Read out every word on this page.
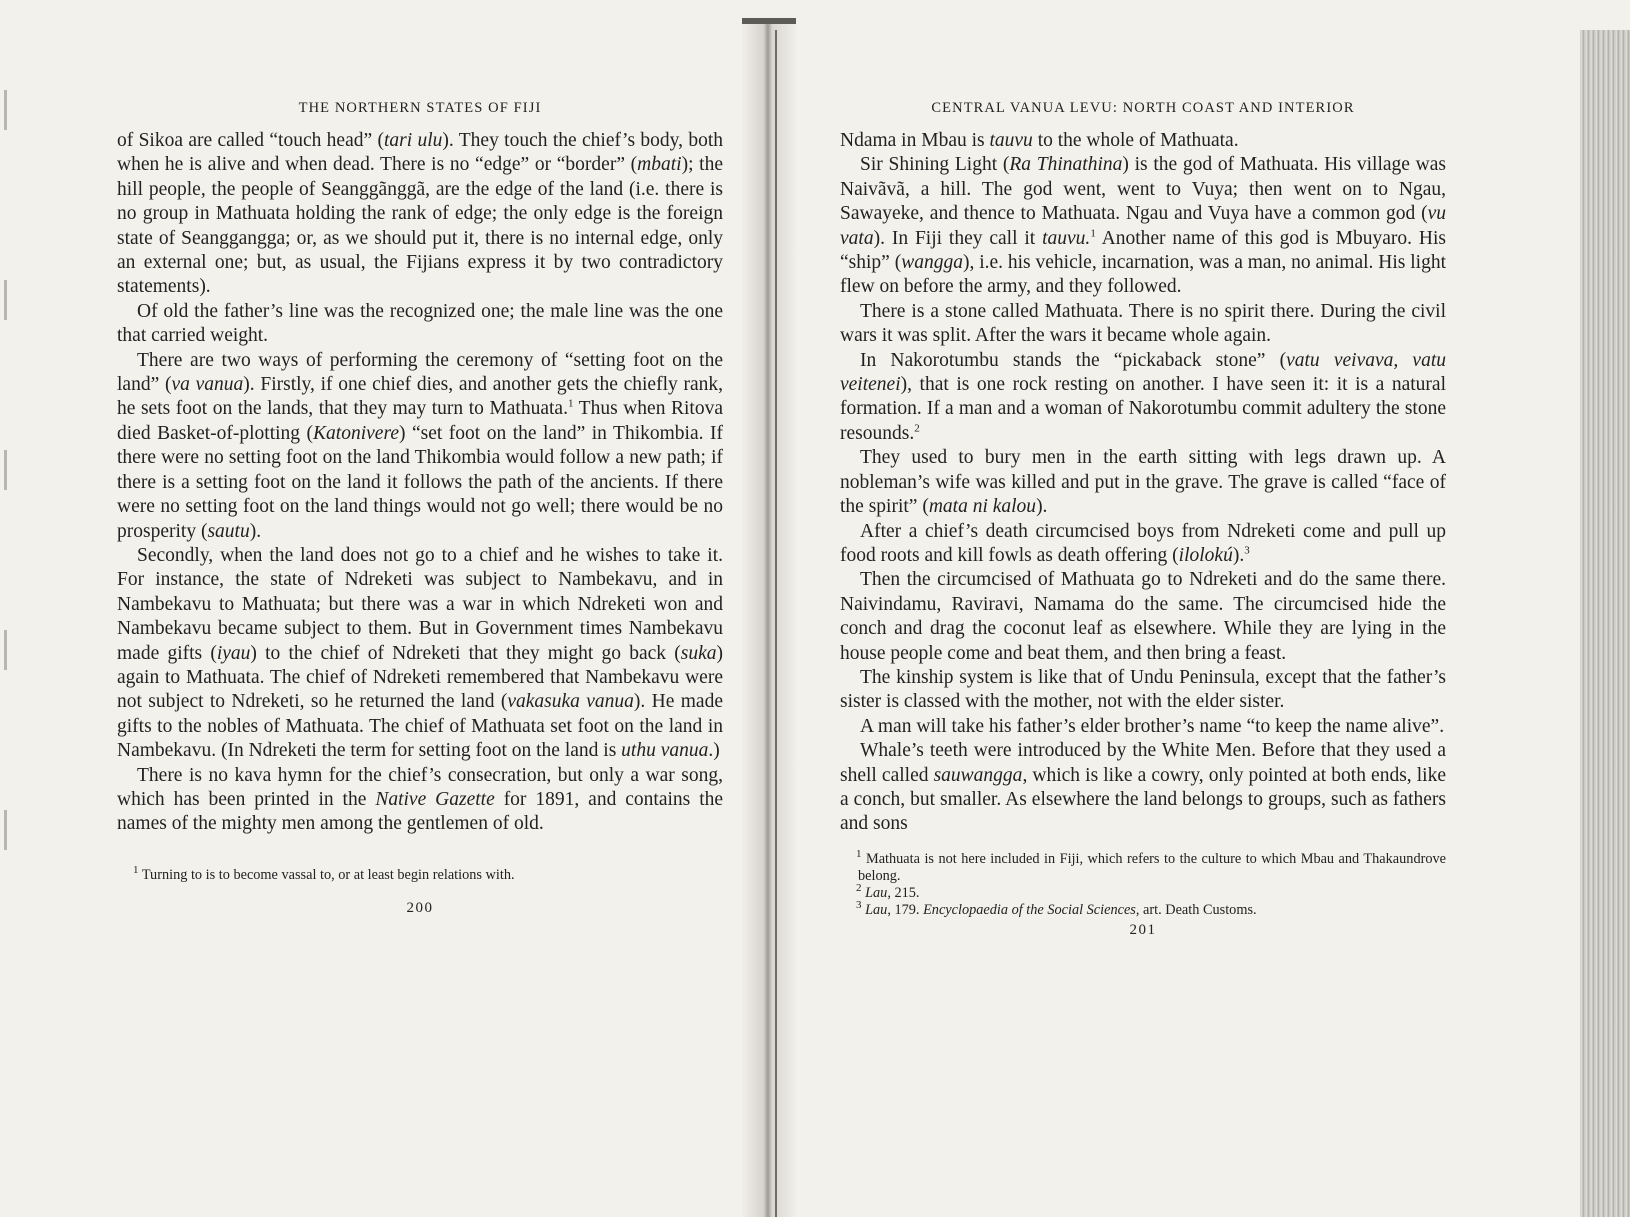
THE NORTHERN STATES OF FIJI

of Sikoa are called “touch head” (tari ulu). They touch the chief’s body, both when he is alive and when dead. There is no “edge” or “border” (mbati); the hill people, the people of Seanggãnggã, are the edge of the land (i.e. there is no group in Mathuata holding the rank of edge; the only edge is the foreign state of Seanggangga; or, as we should put it, there is no internal edge, only an external one; but, as usual, the Fijians express it by two contradictory statements).

Of old the father’s line was the recognized one; the male line was the one that carried weight.

There are two ways of performing the ceremony of “setting foot on the land” (va vanua). Firstly, if one chief dies, and another gets the chiefly rank, he sets foot on the lands, that they may turn to Mathuata.$^1$ Thus when Ritova died Basket-of-plotting (Katonivere) “set foot on the land” in Thikombia. If there were no setting foot on the land Thikombia would follow a new path; if there is a setting foot on the land it follows the path of the ancients. If there were no setting foot on the land things would not go well; there would be no prosperity (sautu).

Secondly, when the land does not go to a chief and he wishes to take it. For instance, the state of Ndreketi was subject to Nambekavu, and in Nambekavu to Mathuata; but there was a war in which Ndreketi won and Nambekavu became subject to them. But in Government times Nambekavu made gifts (iyau) to the chief of Ndreketi that they might go back (suka) again to Mathuata. The chief of Ndreketi remembered that Nambekavu were not subject to Ndreketi, so he returned the land (vakasuka vanua). He made gifts to the nobles of Mathuata. The chief of Mathuata set foot on the land in Nambekavu. (In Ndreketi the term for setting foot on the land is uthu vanua.)

There is no kava hymn for the chief’s consecration, but only a war song, which has been printed in the Native Gazette for 1891, and contains the names of the mighty men among the gentlemen of old.

$^1$ Turning to is to become vassal to, or at least begin relations with.

200
CENTRAL VANUA LEVU: NORTH COAST AND INTERIOR

Ndama in Mbau is tauvu to the whole of Mathuata.

Sir Shining Light (Ra Thinathina) is the god of Mathuata. His village was Naivãvã, a hill. The god went, went to Vuya; then went on to Ngau, Sawayeke, and thence to Mathuata. Ngau and Vuya have a common god (vu vata). In Fiji they call it tauvu.$^1$ Another name of this god is Mbuyaro. His “ship” (wangga), i.e. his vehicle, incarnation, was a man, no animal. His light flew on before the army, and they followed.

There is a stone called Mathuata. There is no spirit there. During the civil wars it was split. After the wars it became whole again.

In Nakorotumbu stands the “pickaback stone” (vatu veivava, vatu veitenei), that is one rock resting on another. I have seen it: it is a natural formation. If a man and a woman of Nakorotumbu commit adultery the stone resounds.$^2$

They used to bury men in the earth sitting with legs drawn up. A nobleman’s wife was killed and put in the grave. The grave is called “face of the spirit” (mata ni kalou).

After a chief’s death circumcised boys from Ndreketi come and pull up food roots and kill fowls as death offering (ilolokú).$^3$

Then the circumcised of Mathuata go to Ndreketi and do the same there. Naivindamu, Raviravi, Namama do the same. The circumcised hide the conch and drag the coconut leaf as elsewhere. While they are lying in the house people come and beat them, and then bring a feast.

The kinship system is like that of Undu Peninsula, except that the father’s sister is classed with the mother, not with the elder sister.

A man will take his father’s elder brother’s name “to keep the name alive”.

Whale’s teeth were introduced by the White Men. Before that they used a shell called sauwangga, which is like a cowry, only pointed at both ends, like a conch, but smaller. As elsewhere the land belongs to groups, such as fathers and sons

$^1$ Mathuata is not here included in Fiji, which refers to the culture to which Mbau and Thakaundrove belong.

$^2$ Lau, 215.

$^3$ Lau, 179. Encyclopaedia of the Social Sciences, art. Death Customs.

201
